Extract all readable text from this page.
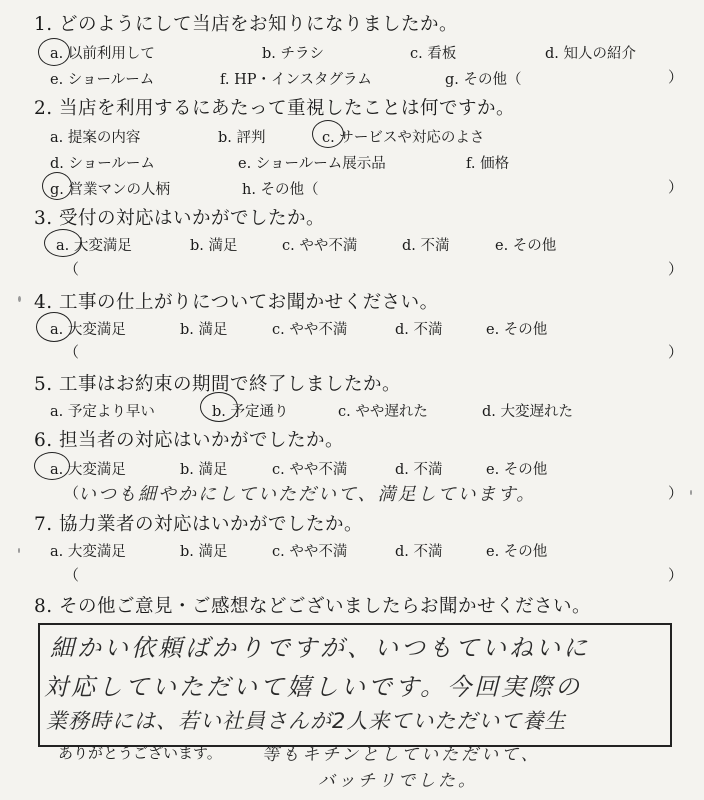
1. どのようにして当店をお知りになりましたか。
a. 以前利用して	b. チラシ	c. 看板	d. 知人の紹介
e. ショールーム	f. HP・インスタグラム	g. その他（	）
2. 当店を利用するにあたって重視したことは何ですか。
a. 提案の内容	b. 評判	c. サービスや対応のよさ
d. ショールーム	e. ショールーム展示品	f. 価格
g. 営業マンの人柄	h. その他（	）
3. 受付の対応はいかがでしたか。
a. 大変満足	b. 満足	c. やや不満	d. 不満	e. その他
（	）
4. 工事の仕上がりについてお聞かせください。
a. 大変満足	b. 満足	c. やや不満	d. 不満	e. その他
（	）
5. 工事はお約束の期間で終了しましたか。
a. 予定より早い	b. 予定通り	c. やや遅れた	d. 大変遅れた
6. 担当者の対応はいかがでしたか。
a. 大変満足	b. 満足	c. やや不満	d. 不満	e. その他
（
いつも細やかにしていただいて、満足しています。	）
7. 協力業者の対応はいかがでしたか。
a. 大変満足	b. 満足	c. やや不満	d. 不満	e. その他
（	）
8. その他ご意見・ご感想などございましたらお聞かせください。
細かい依頼ばかりですが、いつもていねいに
対応していただいて嬉しいです。今回実際の
業務時には、若い社員さんが2人来ていただいて養生
ありがとうございます。 等もキチンとしていただいて、
バッチリでした。
